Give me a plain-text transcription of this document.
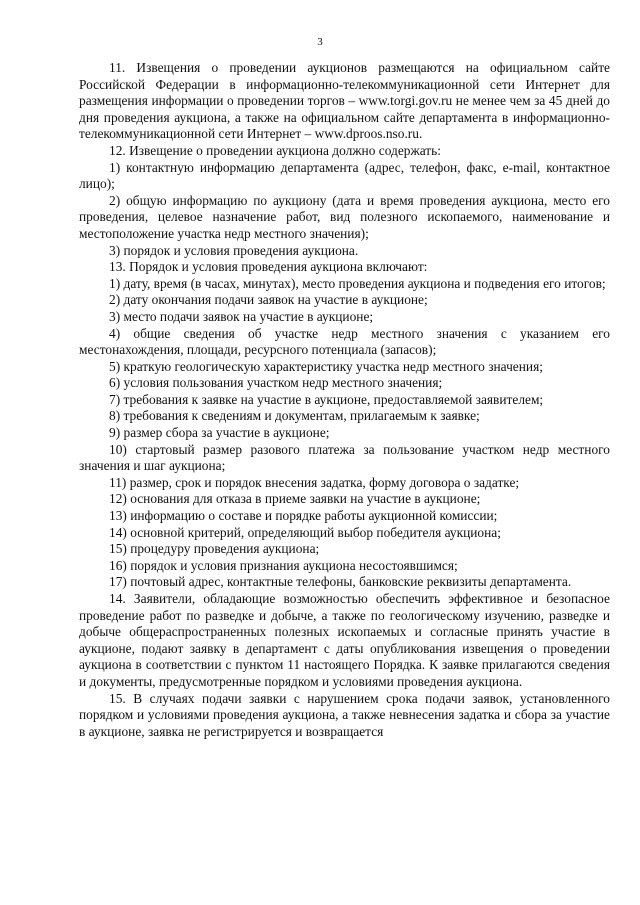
3

11. Извещения о проведении аукционов размещаются на официальном сайте Российской Федерации в информационно-телекоммуникационной сети Интернет для размещения информации о проведении торгов – www.torgi.gov.ru не менее чем за 45 дней до дня проведения аукциона, а также на официальном сайте департамента в информационно-телекоммуникационной сети Интернет – www.dproos.nso.ru.

12. Извещение о проведении аукциона должно содержать:

1) контактную информацию департамента (адрес, телефон, факс, e-mail, контактное лицо);

2) общую информацию по аукциону (дата и время проведения аукциона, место его проведения, целевое назначение работ, вид полезного ископаемого, наименование и местоположение участка недр местного значения);

3) порядок и условия проведения аукциона.

13. Порядок и условия проведения аукциона включают:

1) дату, время (в часах, минутах), место проведения аукциона и подведения его итогов;

2) дату окончания подачи заявок на участие в аукционе;

3) место подачи заявок на участие в аукционе;

4) общие сведения об участке недр местного значения с указанием его местонахождения, площади, ресурсного потенциала (запасов);

5) краткую геологическую характеристику участка недр местного значения;

6) условия пользования участком недр местного значения;

7) требования к заявке на участие в аукционе, предоставляемой заявителем;

8) требования к сведениям и документам, прилагаемым к заявке;

9) размер сбора за участие в аукционе;

10) стартовый размер разового платежа за пользование участком недр местного значения и шаг аукциона;

11) размер, срок и порядок внесения задатка, форму договора о задатке;

12) основания для отказа в приеме заявки на участие в аукционе;

13) информацию о составе и порядке работы аукционной комиссии;

14) основной критерий, определяющий выбор победителя аукциона;

15) процедуру проведения аукциона;

16) порядок и условия признания аукциона несостоявшимся;

17) почтовый адрес, контактные телефоны, банковские реквизиты департамента.

14. Заявители, обладающие возможностью обеспечить эффективное и безопасное проведение работ по разведке и добыче, а также по геологическому изучению, разведке и добыче общераспространенных полезных ископаемых и согласные принять участие в аукционе, подают заявку в департамент с даты опубликования извещения о проведении аукциона в соответствии с пунктом 11 настоящего Порядка. К заявке прилагаются сведения и документы, предусмотренные порядком и условиями проведения аукциона.

15. В случаях подачи заявки с нарушением срока подачи заявок, установленного порядком и условиями проведения аукциона, а также невнесения задатка и сбора за участие в аукционе, заявка не регистрируется и возвращается
